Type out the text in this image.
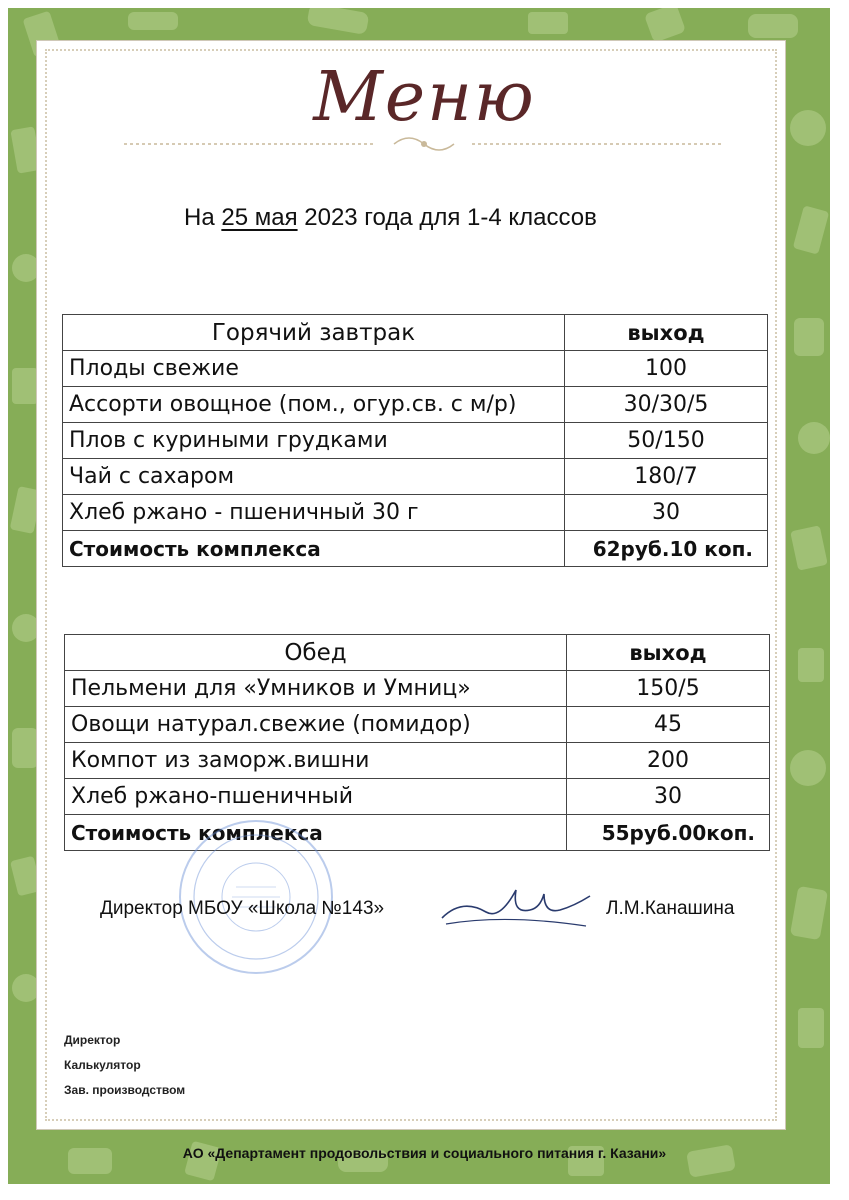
Меню
На 25 мая 2023 года для 1-4 классов
Горячий завтрак	выход
Плоды свежие	100
Ассорти овощное (пом., огур.св. с м/р)	30/30/5
Плов с куриными грудками	50/150
Чай с сахаром	180/7
Хлеб ржано - пшеничный 30 г	30
Стоимость комплекса	62руб.10 коп.
Обед	выход
Пельмени для «Умников и Умниц»	150/5
Овощи натурал.свежие (помидор)	45
Компот из заморж.вишни	200
Хлеб ржано-пшеничный	30
Стоимость комплекса	55руб.00коп.
Директор МБОУ «Школа №143»	Л.М.Канашина
Директор
Калькулятор
Зав. производством
АО «Департамент продовольствия и социального питания г. Казани»
